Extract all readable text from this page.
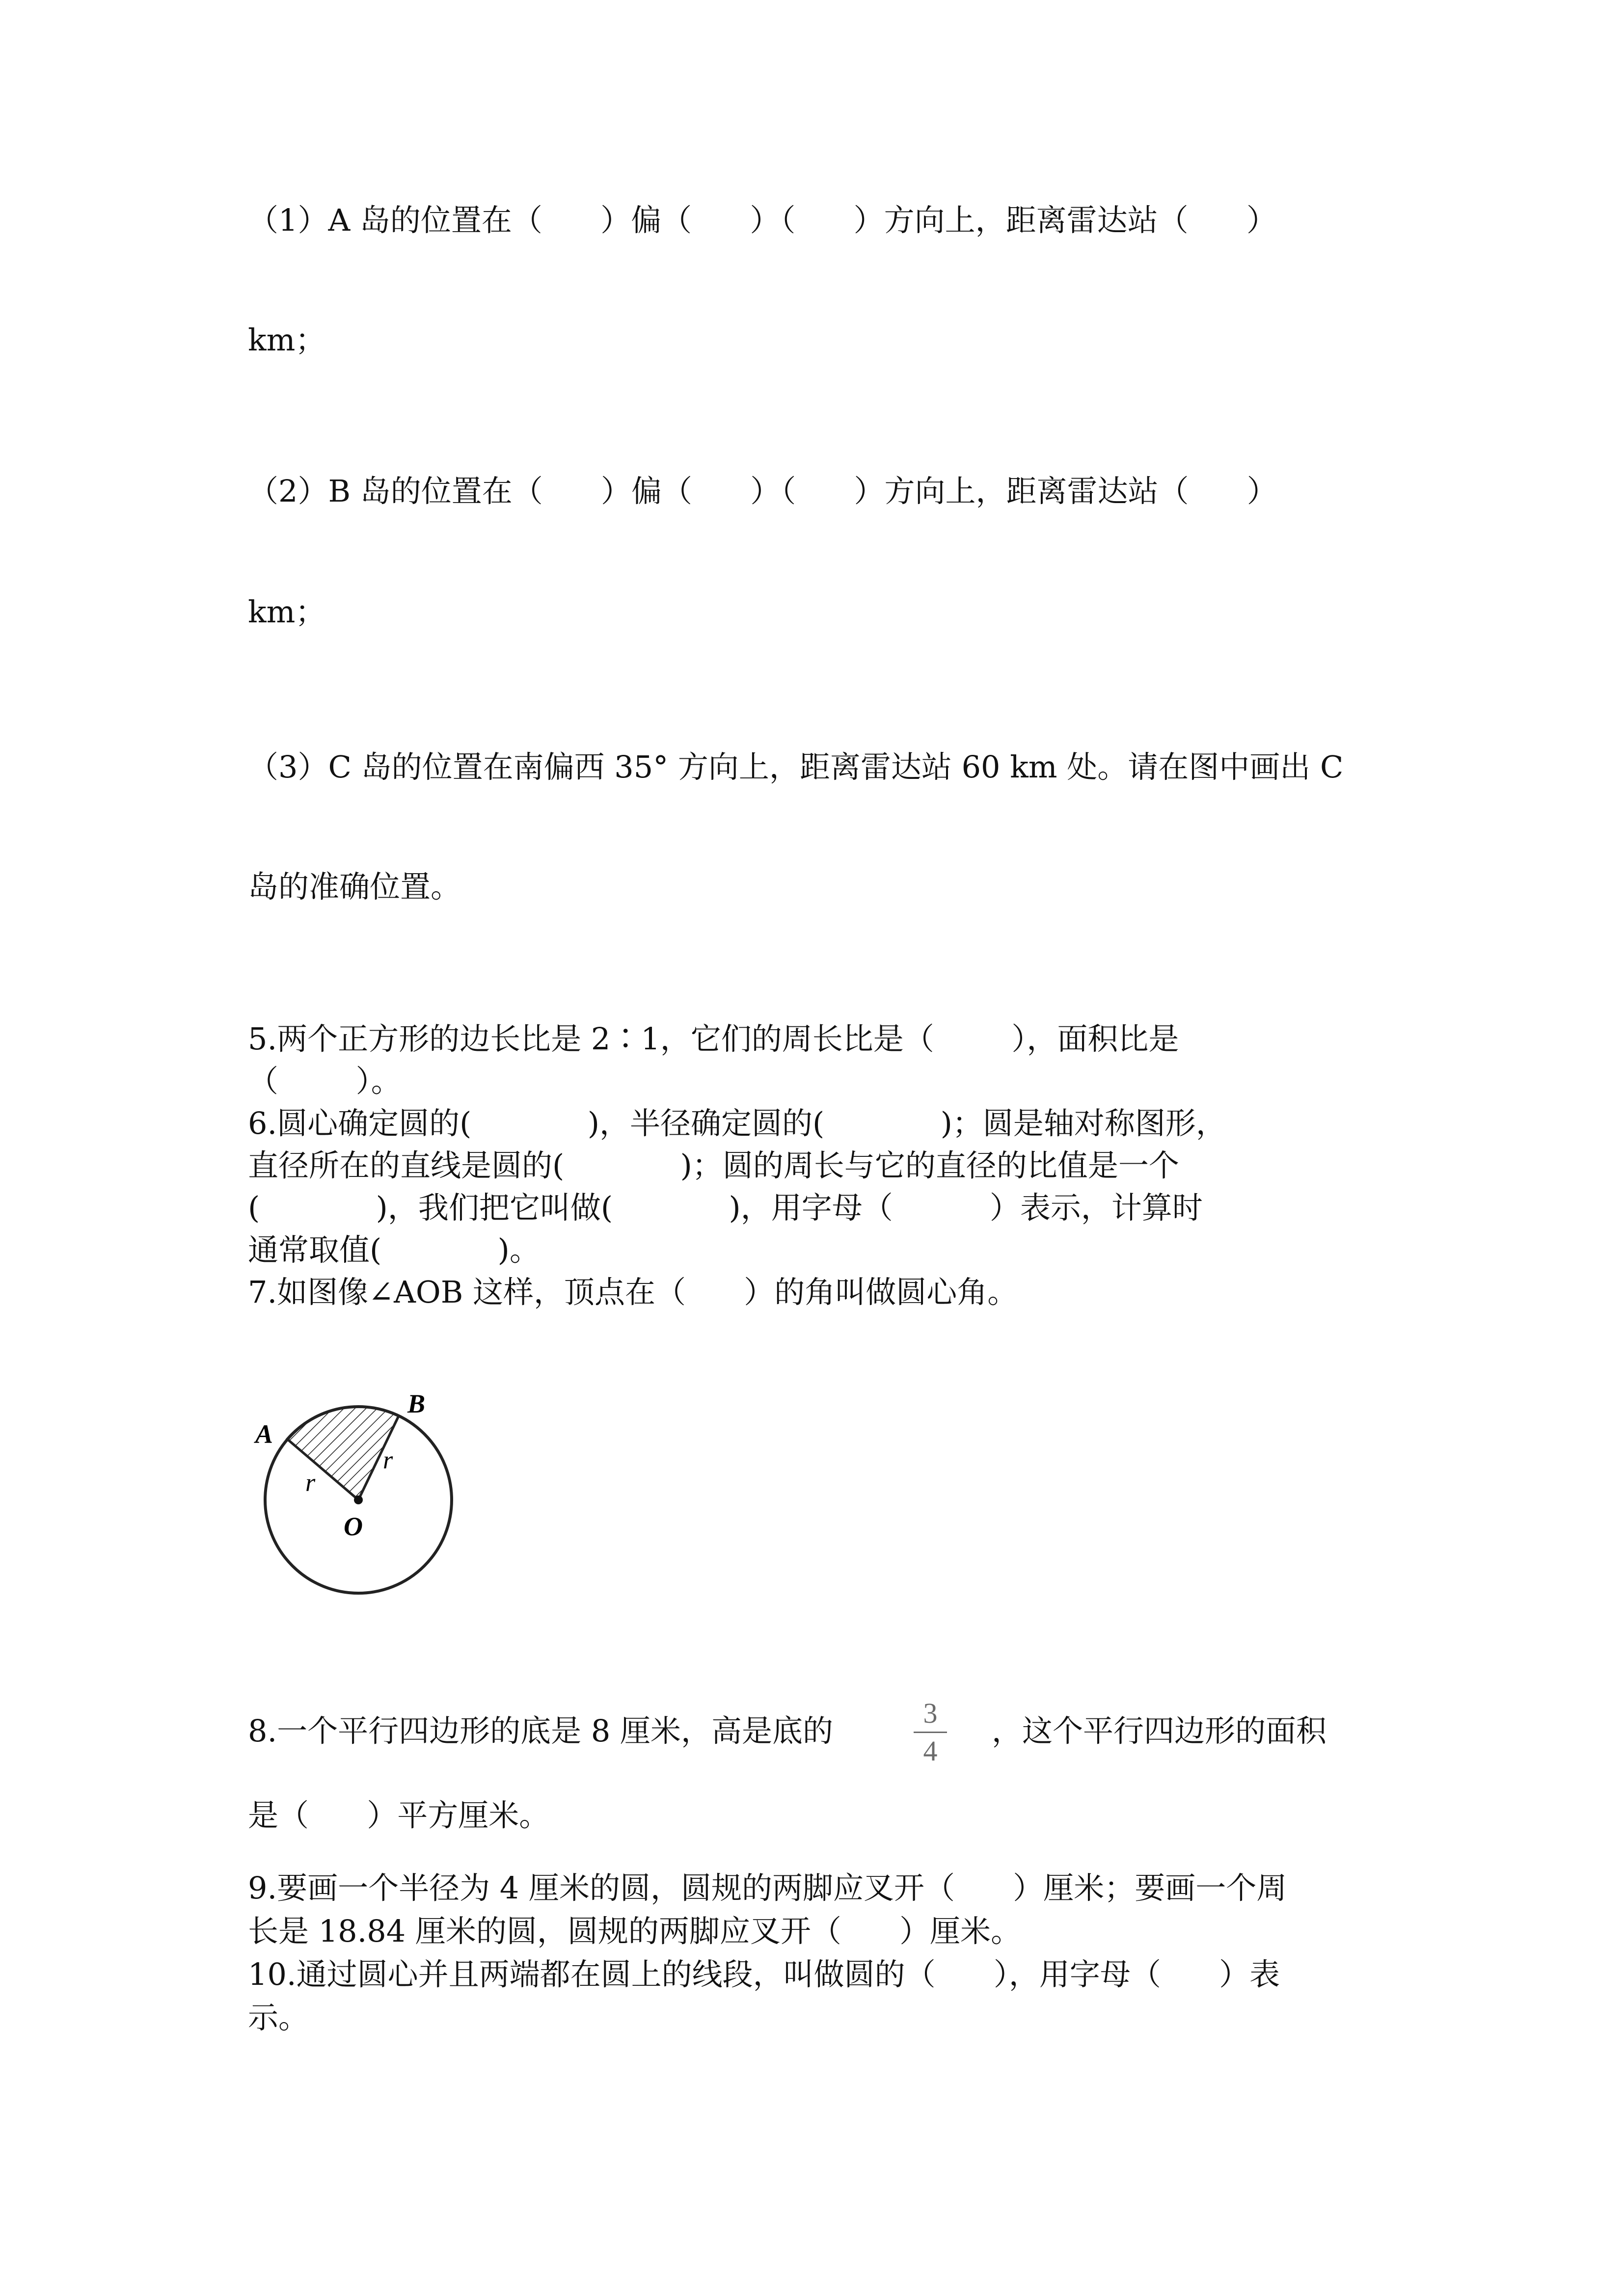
（1）A 岛的位置在（      ）偏（      ）（      ）方向上，距离雷达站（      ）

km；

（2）B 岛的位置在（      ）偏（      ）（      ）方向上，距离雷达站（      ）

km；

（3）C 岛的位置在南偏西 35° 方向上，距离雷达站 60 km 处。请在图中画出 C

岛的准确位置。

5.两个正方形的边长比是 2∶1，它们的周长比是（        ），面积比是

（        ）。

6.圆心确定圆的(            )，半径确定圆的(            )；圆是轴对称图形，

直径所在的直线是圆的(            )；圆的周长与它的直径的比值是一个

(            )，我们把它叫做(            )，用字母（          ）表示，计算时

通常取值(            )。

7.如图像∠AOB 这样，顶点在（      ）的角叫做圆心角。

A
B
O
r
r

8.一个平行四边形的底是 8 厘米，高是底的	3
4

，这个平行四边形的面积

是（      ）平方厘米。

9.要画一个半径为 4 厘米的圆，圆规的两脚应叉开（      ）厘米；要画一个周

长是 18.84 厘米的圆，圆规的两脚应叉开（      ）厘米。

10.通过圆心并且两端都在圆上的线段，叫做圆的（      ），用字母（      ）表

示。
